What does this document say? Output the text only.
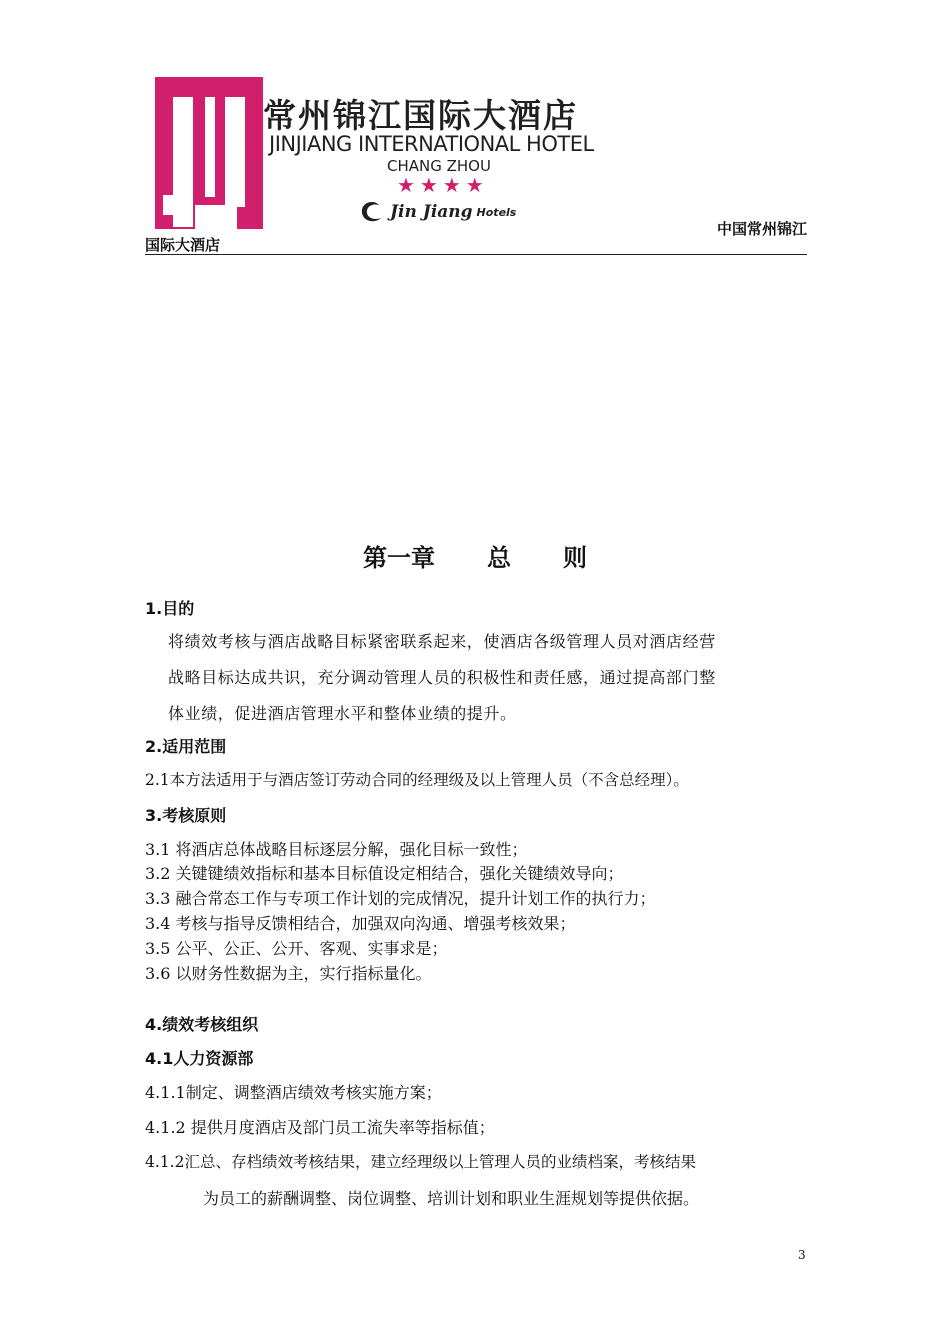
常州锦江国际大酒店
JINJIANG INTERNATIONAL HOTEL
CHANG ZHOU
★★★★
Jin Jiang Hotels
国际大酒店
中国常州锦江
第一章 总 则
1.目的
将绩效考核与酒店战略目标紧密联系起来，使酒店各级管理人员对酒店经营
战略目标达成共识，充分调动管理人员的积极性和责任感，通过提高部门整
体业绩，促进酒店管理水平和整体业绩的提升。
2.适用范围
2.1本方法适用于与酒店签订劳动合同的经理级及以上管理人员（不含总经理）。
3.考核原则
3.1 将酒店总体战略目标逐层分解，强化目标一致性；
3.2 关键键绩效指标和基本目标值设定相结合，强化关键绩效导向；
3.3 融合常态工作与专项工作计划的完成情况，提升计划工作的执行力；
3.4 考核与指导反馈相结合，加强双向沟通、增强考核效果；
3.5 公平、公正、公开、客观、实事求是；
3.6 以财务性数据为主，实行指标量化。
4.绩效考核组织
4.1人力资源部
4.1.1制定、调整酒店绩效考核实施方案；
4.1.2 提供月度酒店及部门员工流失率等指标值；
4.1.2汇总、存档绩效考核结果，建立经理级以上管理人员的业绩档案，考核结果
为员工的薪酬调整、岗位调整、培训计划和职业生涯规划等提供依据。
3
